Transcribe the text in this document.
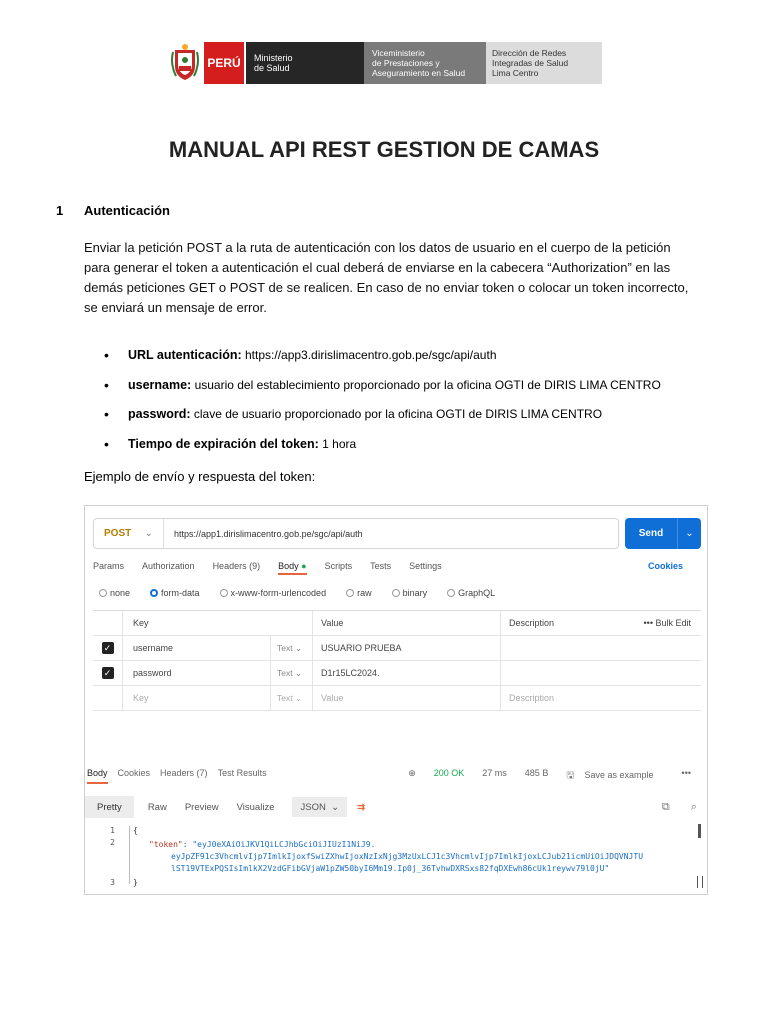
PERÚ	Ministerio
de Salud
Viceministerio
de Prestaciones y
Aseguramiento en Salud
Dirección de Redes
Integradas de Salud
Lima Centro
MANUAL API REST GESTION DE CAMAS
1 Autenticación
Enviar la petición POST a la ruta de autenticación con los datos de usuario en el cuerpo de la petición para generar el token a autenticación el cual deberá de enviarse en la cabecera “Authorization” en las demás peticiones GET o POST de se realicen. En caso de no enviar token o colocar un token incorrecto, se enviará un mensaje de error.
• URL autenticación: https://app3.dirislimacentro.gob.pe/sgc/api/auth
• username: usuario del establecimiento proporcionado por la oficina OGTI de DIRIS LIMA CENTRO
• password: clave de usuario proporcionado por la oficina OGTI de DIRIS LIMA CENTRO
• Tiempo de expiración del token: 1 hora
Ejemplo de envío y respuesta del token:
POST ⌄	https://app1.dirislimacentro.gob.pe/sgc/api/auth	Send	⌄
Params Authorization Headers (9) Body ● Scripts Tests Settings	Cookies
none	form-data	x-www-form-urlencoded	raw	binary	GraphQL
Key	Value	Description	••• Bulk Edit
✓	username	Text ⌄	USUARIO PRUEBA
✓	password	Text ⌄	D1r15LC2024.
Key	Text ⌄	Value	Description
Body Cookies Headers (7) Test Results	⊕ 200 OK 27 ms 485 B 🖫 Save as example	•••
Pretty	Raw Preview Visualize	JSON ⌄	⇉	⧉ ⌕
1
2
3
{
"token": "eyJ0eXAiOiJKV1QiLCJhbGciOiJIUzI1NiJ9.
eyJpZF91c3VhcmlvIjp7ImlkIjoxfSwiZXhwIjoxNzIxNjg3MzUxLCJ1c3VhcmlvIjp7ImlkIjoxLCJub21icmUiOiJDQVNJTU
lST19VTExPQSIsImlkX2VzdGFibGVjaW1pZW50byI6Mm19.Ip0j_36TvhwDXRSxs82fqDXEwh86cUk1reywv79l0jU"
}
